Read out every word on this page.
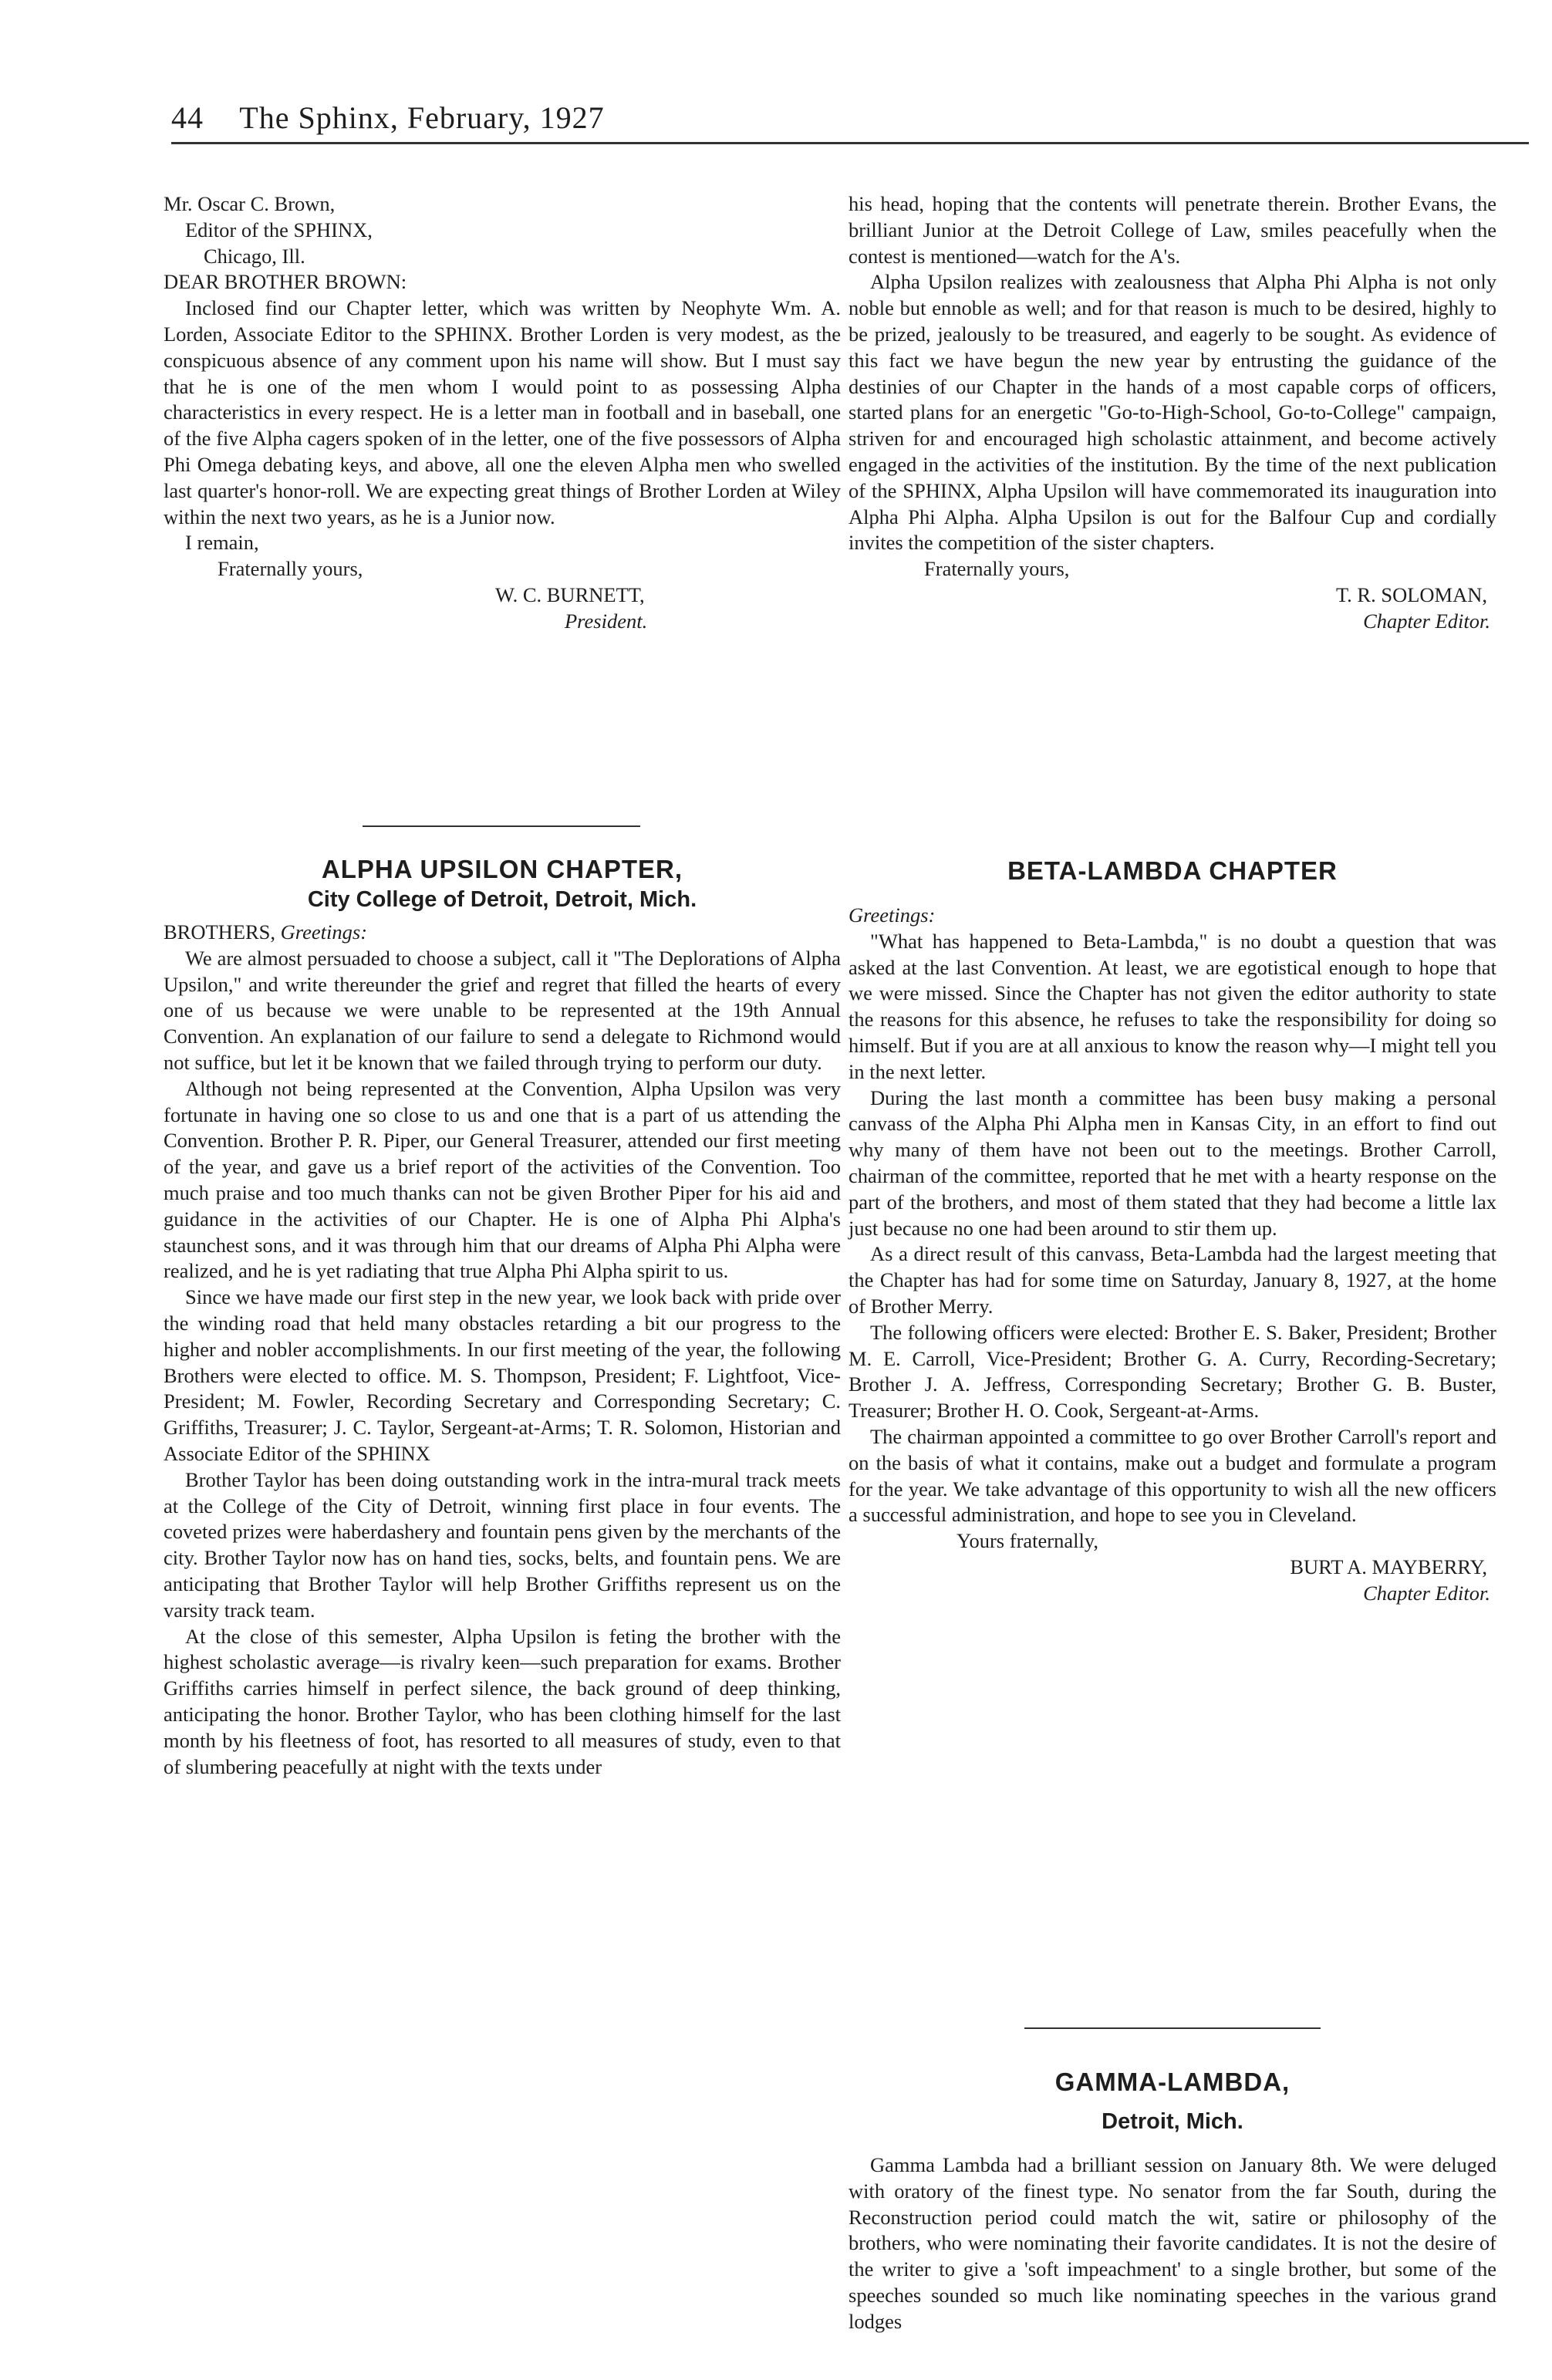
44 The Sphinx, February, 1927

Mr. Oscar C. Brown,

Editor of the SPHINX,

Chicago, Ill.

DEAR BROTHER BROWN:

Inclosed find our Chapter letter, which was written by Neophyte Wm. A. Lorden, Associate Editor to the SPHINX. Brother Lorden is very modest, as the conspicuous absence of any comment upon his name will show. But I must say that he is one of the men whom I would point to as possessing Alpha characteristics in every respect. He is a letter man in football and in baseball, one of the five Alpha cagers spoken of in the letter, one of the five possessors of Alpha Phi Omega debating keys, and above, all one the eleven Alpha men who swelled last quarter's honor-roll. We are expecting great things of Brother Lorden at Wiley within the next two years, as he is a Junior now.

I remain,

Fraternally yours,

W. C. BURNETT,

President.

ALPHA UPSILON CHAPTER,
City College of Detroit, Detroit, Mich.

BROTHERS, Greetings:

We are almost persuaded to choose a subject, call it "The Deplorations of Alpha Upsilon," and write thereunder the grief and regret that filled the hearts of every one of us because we were unable to be represented at the 19th Annual Convention. An explanation of our failure to send a delegate to Richmond would not suffice, but let it be known that we failed through trying to perform our duty.

Although not being represented at the Convention, Alpha Upsilon was very fortunate in having one so close to us and one that is a part of us attending the Convention. Brother P. R. Piper, our General Treasurer, attended our first meeting of the year, and gave us a brief report of the activities of the Convention. Too much praise and too much thanks can not be given Brother Piper for his aid and guidance in the activities of our Chapter. He is one of Alpha Phi Alpha's staunchest sons, and it was through him that our dreams of Alpha Phi Alpha were realized, and he is yet radiating that true Alpha Phi Alpha spirit to us.

Since we have made our first step in the new year, we look back with pride over the winding road that held many obstacles retarding a bit our progress to the higher and nobler accomplishments. In our first meeting of the year, the following Brothers were elected to office. M. S. Thompson, President; F. Lightfoot, Vice-President; M. Fowler, Recording Secretary and Corresponding Secretary; C. Griffiths, Treasurer; J. C. Taylor, Sergeant-at-Arms; T. R. Solomon, Historian and Associate Editor of the SPHINX

Brother Taylor has been doing outstanding work in the intra-mural track meets at the College of the City of Detroit, winning first place in four events. The coveted prizes were haberdashery and fountain pens given by the merchants of the city. Brother Taylor now has on hand ties, socks, belts, and fountain pens. We are anticipating that Brother Taylor will help Brother Griffiths represent us on the varsity track team.

At the close of this semester, Alpha Upsilon is feting the brother with the highest scholastic average—is rivalry keen—such preparation for exams. Brother Griffiths carries himself in perfect silence, the back ground of deep thinking, anticipating the honor. Brother Taylor, who has been clothing himself for the last month by his fleetness of foot, has resorted to all measures of study, even to that of slumbering peacefully at night with the texts under

his head, hoping that the contents will penetrate therein. Brother Evans, the brilliant Junior at the Detroit College of Law, smiles peacefully when the contest is mentioned—watch for the A's.

Alpha Upsilon realizes with zealousness that Alpha Phi Alpha is not only noble but ennoble as well; and for that reason is much to be desired, highly to be prized, jealously to be treasured, and eagerly to be sought. As evidence of this fact we have begun the new year by entrusting the guidance of the destinies of our Chapter in the hands of a most capable corps of officers, started plans for an energetic "Go-to-High-School, Go-to-College" campaign, striven for and encouraged high scholastic attainment, and become actively engaged in the activities of the institution. By the time of the next publication of the SPHINX, Alpha Upsilon will have commemorated its inauguration into Alpha Phi Alpha. Alpha Upsilon is out for the Balfour Cup and cordially invites the competition of the sister chapters.

Fraternally yours,

T. R. SOLOMAN,

Chapter Editor.

BETA-LAMBDA CHAPTER

Greetings:

"What has happened to Beta-Lambda," is no doubt a question that was asked at the last Convention. At least, we are egotistical enough to hope that we were missed. Since the Chapter has not given the editor authority to state the reasons for this absence, he refuses to take the responsibility for doing so himself. But if you are at all anxious to know the reason why—I might tell you in the next letter.

During the last month a committee has been busy making a personal canvass of the Alpha Phi Alpha men in Kansas City, in an effort to find out why many of them have not been out to the meetings. Brother Carroll, chairman of the committee, reported that he met with a hearty response on the part of the brothers, and most of them stated that they had become a little lax just because no one had been around to stir them up.

As a direct result of this canvass, Beta-Lambda had the largest meeting that the Chapter has had for some time on Saturday, January 8, 1927, at the home of Brother Merry.

The following officers were elected: Brother E. S. Baker, President; Brother M. E. Carroll, Vice-President; Brother G. A. Curry, Recording-Secretary; Brother J. A. Jeffress, Corresponding Secretary; Brother G. B. Buster, Treasurer; Brother H. O. Cook, Sergeant-at-Arms.

The chairman appointed a committee to go over Brother Carroll's report and on the basis of what it contains, make out a budget and formulate a program for the year. We take advantage of this opportunity to wish all the new officers a successful administration, and hope to see you in Cleveland.

Yours fraternally,

BURT A. MAYBERRY,

Chapter Editor.

GAMMA-LAMBDA,
Detroit, Mich.

Gamma Lambda had a brilliant session on January 8th. We were deluged with oratory of the finest type. No senator from the far South, during the Reconstruction period could match the wit, satire or philosophy of the brothers, who were nominating their favorite candidates. It is not the desire of the writer to give a 'soft impeachment' to a single brother, but some of the speeches sounded so much like nominating speeches in the various grand lodges
